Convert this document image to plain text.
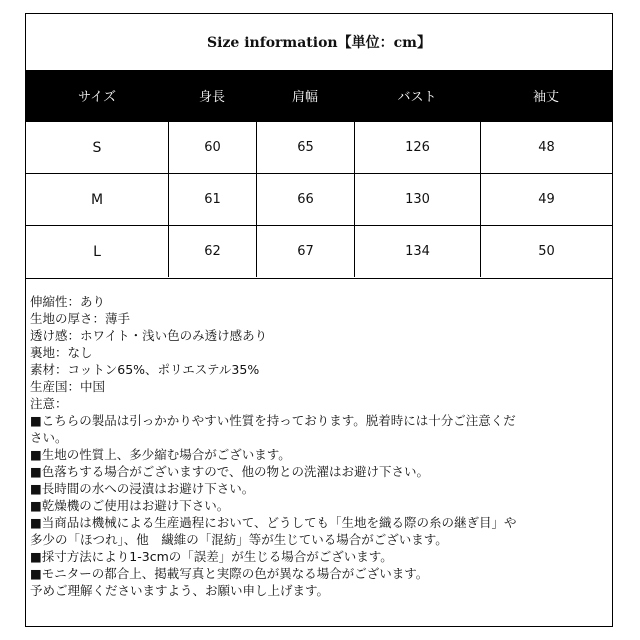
Size information【単位：cm】
サイズ	身長	肩幅	バスト	袖丈
S	60	65	126	48
M	61	66	130	49
L	62	67	134	50
伸縮性：あり
生地の厚さ：薄手
透け感：ホワイト・浅い色のみ透け感あり
裏地：なし
素材：コットン65%、ポリエステル35%
生産国：中国
注意：
■こちらの製品は引っかかりやすい性質を持っております。脱着時には十分ご注意くだ
さい。
■生地の性質上、多少縮む場合がございます。
■色落ちする場合がございますので、他の物との洗濯はお避け下さい。
■長時間の水への浸漬はお避け下さい。
■乾燥機のご使用はお避け下さい。
■当商品は機械による生産過程において、どうしても「生地を織る際の糸の継ぎ目」や
多少の「ほつれ」、他　繊維の「混紡」等が生じている場合がございます。
■採寸方法により1-3cmの「誤差」が生じる場合がございます。
■モニターの都合上、掲載写真と実際の色が異なる場合がございます。
予めご理解くださいますよう、お願い申し上げます。
